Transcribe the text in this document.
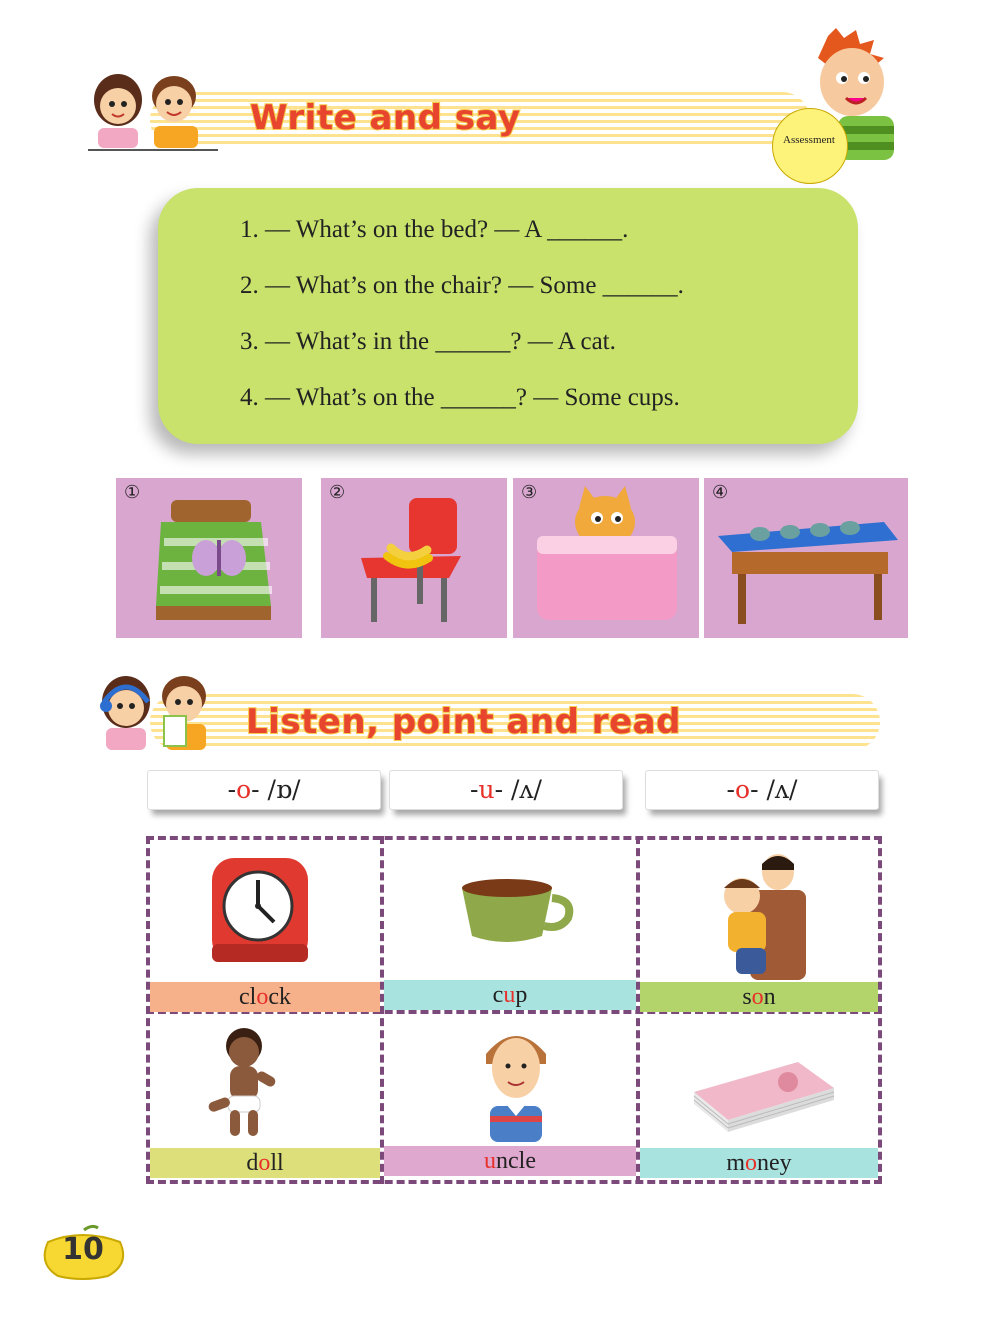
Write and say
Assessment
1. — What’s on the bed? — A ______.
2. — What’s on the chair? — Some ______.
3. — What’s in the ______? — A cat.
4. — What’s on the ______? — Some cups.
①	②	③	④
Listen, point and read
-o- /ɒ/	-u- /ʌ/	-o- /ʌ/
clock	cup	son
doll	uncle	money
10
